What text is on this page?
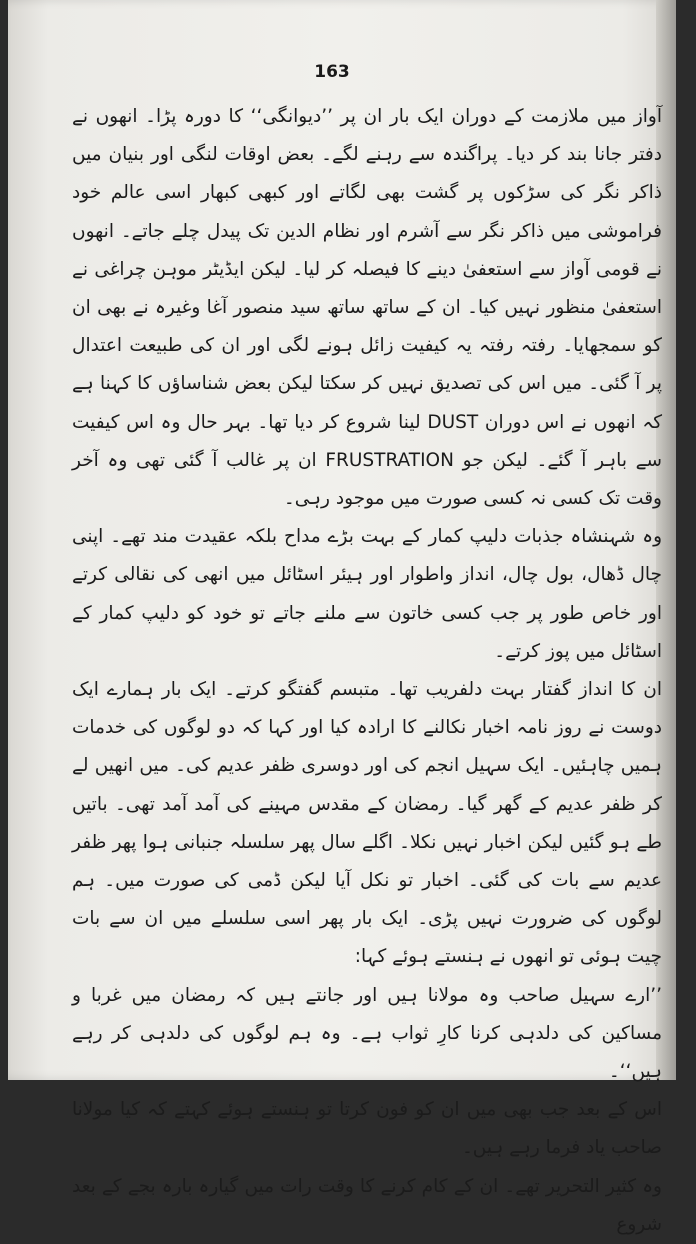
163

آواز میں ملازمت کے دوران ایک بار ان پر ’’دیوانگی‘‘ کا دورہ پڑا۔ انھوں نے دفتر جانا بند کر دیا۔ پراگندہ سے رہنے لگے۔ بعض اوقات لنگی اور بنیان میں ذاکر نگر کی سڑکوں پر گشت بھی لگاتے اور کبھی کبھار اسی عالم خود فراموشی میں ذاکر نگر سے آشرم اور نظام الدین تک پیدل چلے جاتے۔ انھوں نے قومی آواز سے استعفیٰ دینے کا فیصلہ کر لیا۔ لیکن ایڈیٹر موہن چراغی نے استعفیٰ منظور نہیں کیا۔ ان کے ساتھ ساتھ سید منصور آغا وغیرہ نے بھی ان کو سمجھایا۔ رفتہ رفتہ یہ کیفیت زائل ہونے لگی اور ان کی طبیعت اعتدال پر آ گئی۔ میں اس کی تصدیق نہیں کر سکتا لیکن بعض شناساؤں کا کہنا ہے کہ انھوں نے اس دوران DUST لینا شروع کر دیا تھا۔ بہر حال وہ اس کیفیت سے باہر آ گئے۔ لیکن جو FRUSTRATION ان پر غالب آ گئی تھی وہ آخر وقت تک کسی نہ کسی صورت میں موجود رہی۔

وہ شہنشاہ جذبات دلیپ کمار کے بہت بڑے مداح بلکہ عقیدت مند تھے۔ اپنی چال ڈھال، بول چال، انداز واطوار اور ہیئر اسٹائل میں انھی کی نقالی کرتے اور خاص طور پر جب کسی خاتون سے ملنے جاتے تو خود کو دلیپ کمار کے اسٹائل میں پوز کرتے۔

ان کا انداز گفتار بہت دلفریب تھا۔ متبسم گفتگو کرتے۔ ایک بار ہمارے ایک دوست نے روز نامہ اخبار نکالنے کا ارادہ کیا اور کہا کہ دو لوگوں کی خدمات ہمیں چاہئیں۔ ایک سہیل انجم کی اور دوسری ظفر عدیم کی۔ میں انھیں لے کر ظفر عدیم کے گھر گیا۔ رمضان کے مقدس مہینے کی آمد آمد تھی۔ باتیں طے ہو گئیں لیکن اخبار نہیں نکلا۔ اگلے سال پھر سلسلہ جنبانی ہوا پھر ظفر عدیم سے بات کی گئی۔ اخبار تو نکل آیا لیکن ڈمی کی صورت میں۔ ہم لوگوں کی ضرورت نہیں پڑی۔ ایک بار پھر اسی سلسلے میں ان سے بات چیت ہوئی تو انھوں نے ہنستے ہوئے کہا:

’’ارے سہیل صاحب وہ مولانا ہیں اور جانتے ہیں کہ رمضان میں غربا و مساکین کی دلدہی کرنا کارِ ثواب ہے۔ وہ ہم لوگوں کی دلدہی کر رہے ہیں‘‘۔

اس کے بعد جب بھی میں ان کو فون کرتا تو ہنستے ہوئے کہتے کہ کیا مولانا صاحب یاد فرما رہے ہیں۔

وہ کثیر التحریر تھے۔ ان کے کام کرنے کا وقت رات میں گیارہ بارہ بجے کے بعد شروع
